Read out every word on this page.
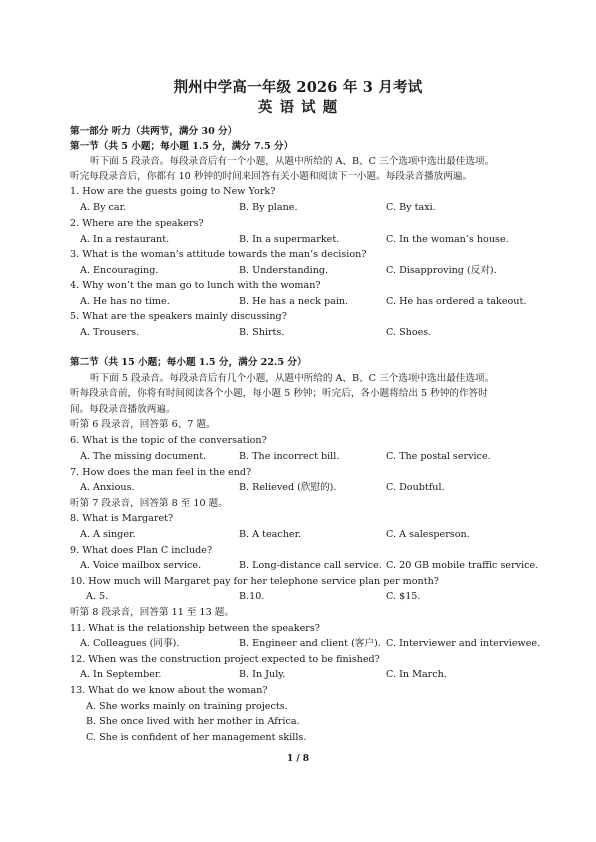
荆州中学高一年级 2026 年 3 月考试
英 语 试 题
第一部分 听力（共两节，满分 30 分）
第一节（共 5 小题；每小题 1.5 分，满分 7.5 分）
听下面 5 段录音。每段录音后有一个小题，从题中所给的 A、B、C 三个选项中选出最佳选项。
听完每段录音后，你都有 10 秒钟的时间来回答有关小题和阅读下一小题。每段录音播放两遍。
1. How are the guests going to New York?
A. By car.	B. By plane.	C. By taxi.
2. Where are the speakers?
A. In a restaurant.	B. In a supermarket.	C. In the woman’s house.
3. What is the woman’s attitude towards the man’s decision?
A. Encouraging.	B. Understanding.	C. Disapproving (反对).
4. Why won’t the man go to lunch with the woman?
A. He has no time.	B. He has a neck pain.	C. He has ordered a takeout.
5. What are the speakers mainly discussing?
A. Trousers.	B. Shirts.	C. Shoes.
第二节（共 15 小题；每小题 1.5 分，满分 22.5 分）
听下面 5 段录音。每段录音后有几个小题，从题中所给的 A、B、C 三个选项中选出最佳选项。
听每段录音前，你将有时间阅读各个小题，每小题 5 秒钟；听完后，各小题将给出 5 秒钟的作答时
间。每段录音播放两遍。
听第 6 段录音，回答第 6、7 题。
6. What is the topic of the conversation?
A. The missing document.	B. The incorrect bill.	C. The postal service.
7. How does the man feel in the end?
A. Anxious.	B. Relieved (欣慰的).	C. Doubtful.
听第 7 段录音，回答第 8 至 10 题。
8. What is Margaret?
A. A singer.	B. A teacher.	C. A salesperson.
9. What does Plan C include?
A. Voice mailbox service.	B. Long-distance call service. C. 20 GB mobile traffic service.
10. How much will Margaret pay for her telephone service plan per month?
A. 5.	B.10.	C. $15.
听第 8 段录音，回答第 11 至 13 题。
11. What is the relationship between the speakers?
A. Colleagues (同事).	B. Engineer and client (客户). C. Interviewer and interviewee.
12. When was the construction project expected to be finished?
A. In September.	B. In July.	C. In March.
13. What do we know about the woman?
A. She works mainly on training projects.
B. She once lived with her mother in Africa.
C. She is confident of her management skills.
1 / 8
